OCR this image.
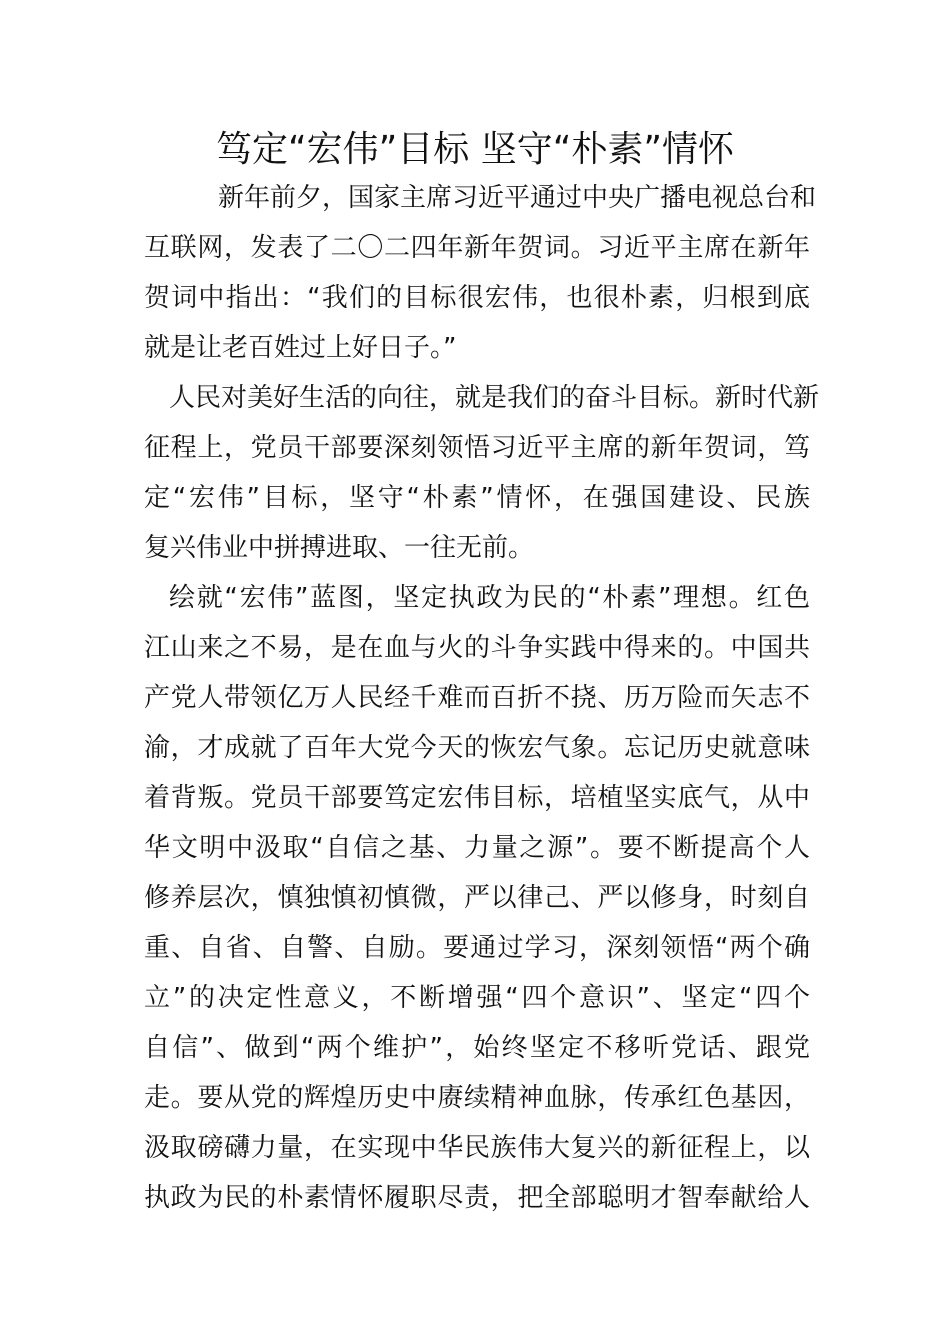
笃定“宏伟”目标 坚守“朴素”情怀
新年前夕，国家主席习近平通过中央广播电视总台和
互联网，发表了二〇二四年新年贺词。习近平主席在新年
贺词中指出：“我们的目标很宏伟，也很朴素，归根到底
就是让老百姓过上好日子。”
人民对美好生活的向往，就是我们的奋斗目标。新时代新
征程上，党员干部要深刻领悟习近平主席的新年贺词，笃
定“宏伟”目标，坚守“朴素”情怀，在强国建设、民族
复兴伟业中拼搏进取、一往无前。
绘就“宏伟”蓝图，坚定执政为民的“朴素”理想。红色
江山来之不易，是在血与火的斗争实践中得来的。中国共
产党人带领亿万人民经千难而百折不挠、历万险而矢志不
渝，才成就了百年大党今天的恢宏气象。忘记历史就意味
着背叛。党员干部要笃定宏伟目标，培植坚实底气，从中
华文明中汲取“自信之基、力量之源”。要不断提高个人
修养层次，慎独慎初慎微，严以律己、严以修身，时刻自
重、自省、自警、自励。要通过学习，深刻领悟“两个确
立”的决定性意义，不断增强“四个意识”、坚定“四个
自信”、做到“两个维护”，始终坚定不移听党话、跟党
走。要从党的辉煌历史中赓续精神血脉，传承红色基因，
汲取磅礴力量，在实现中华民族伟大复兴的新征程上，以
执政为民的朴素情怀履职尽责，把全部聪明才智奉献给人
